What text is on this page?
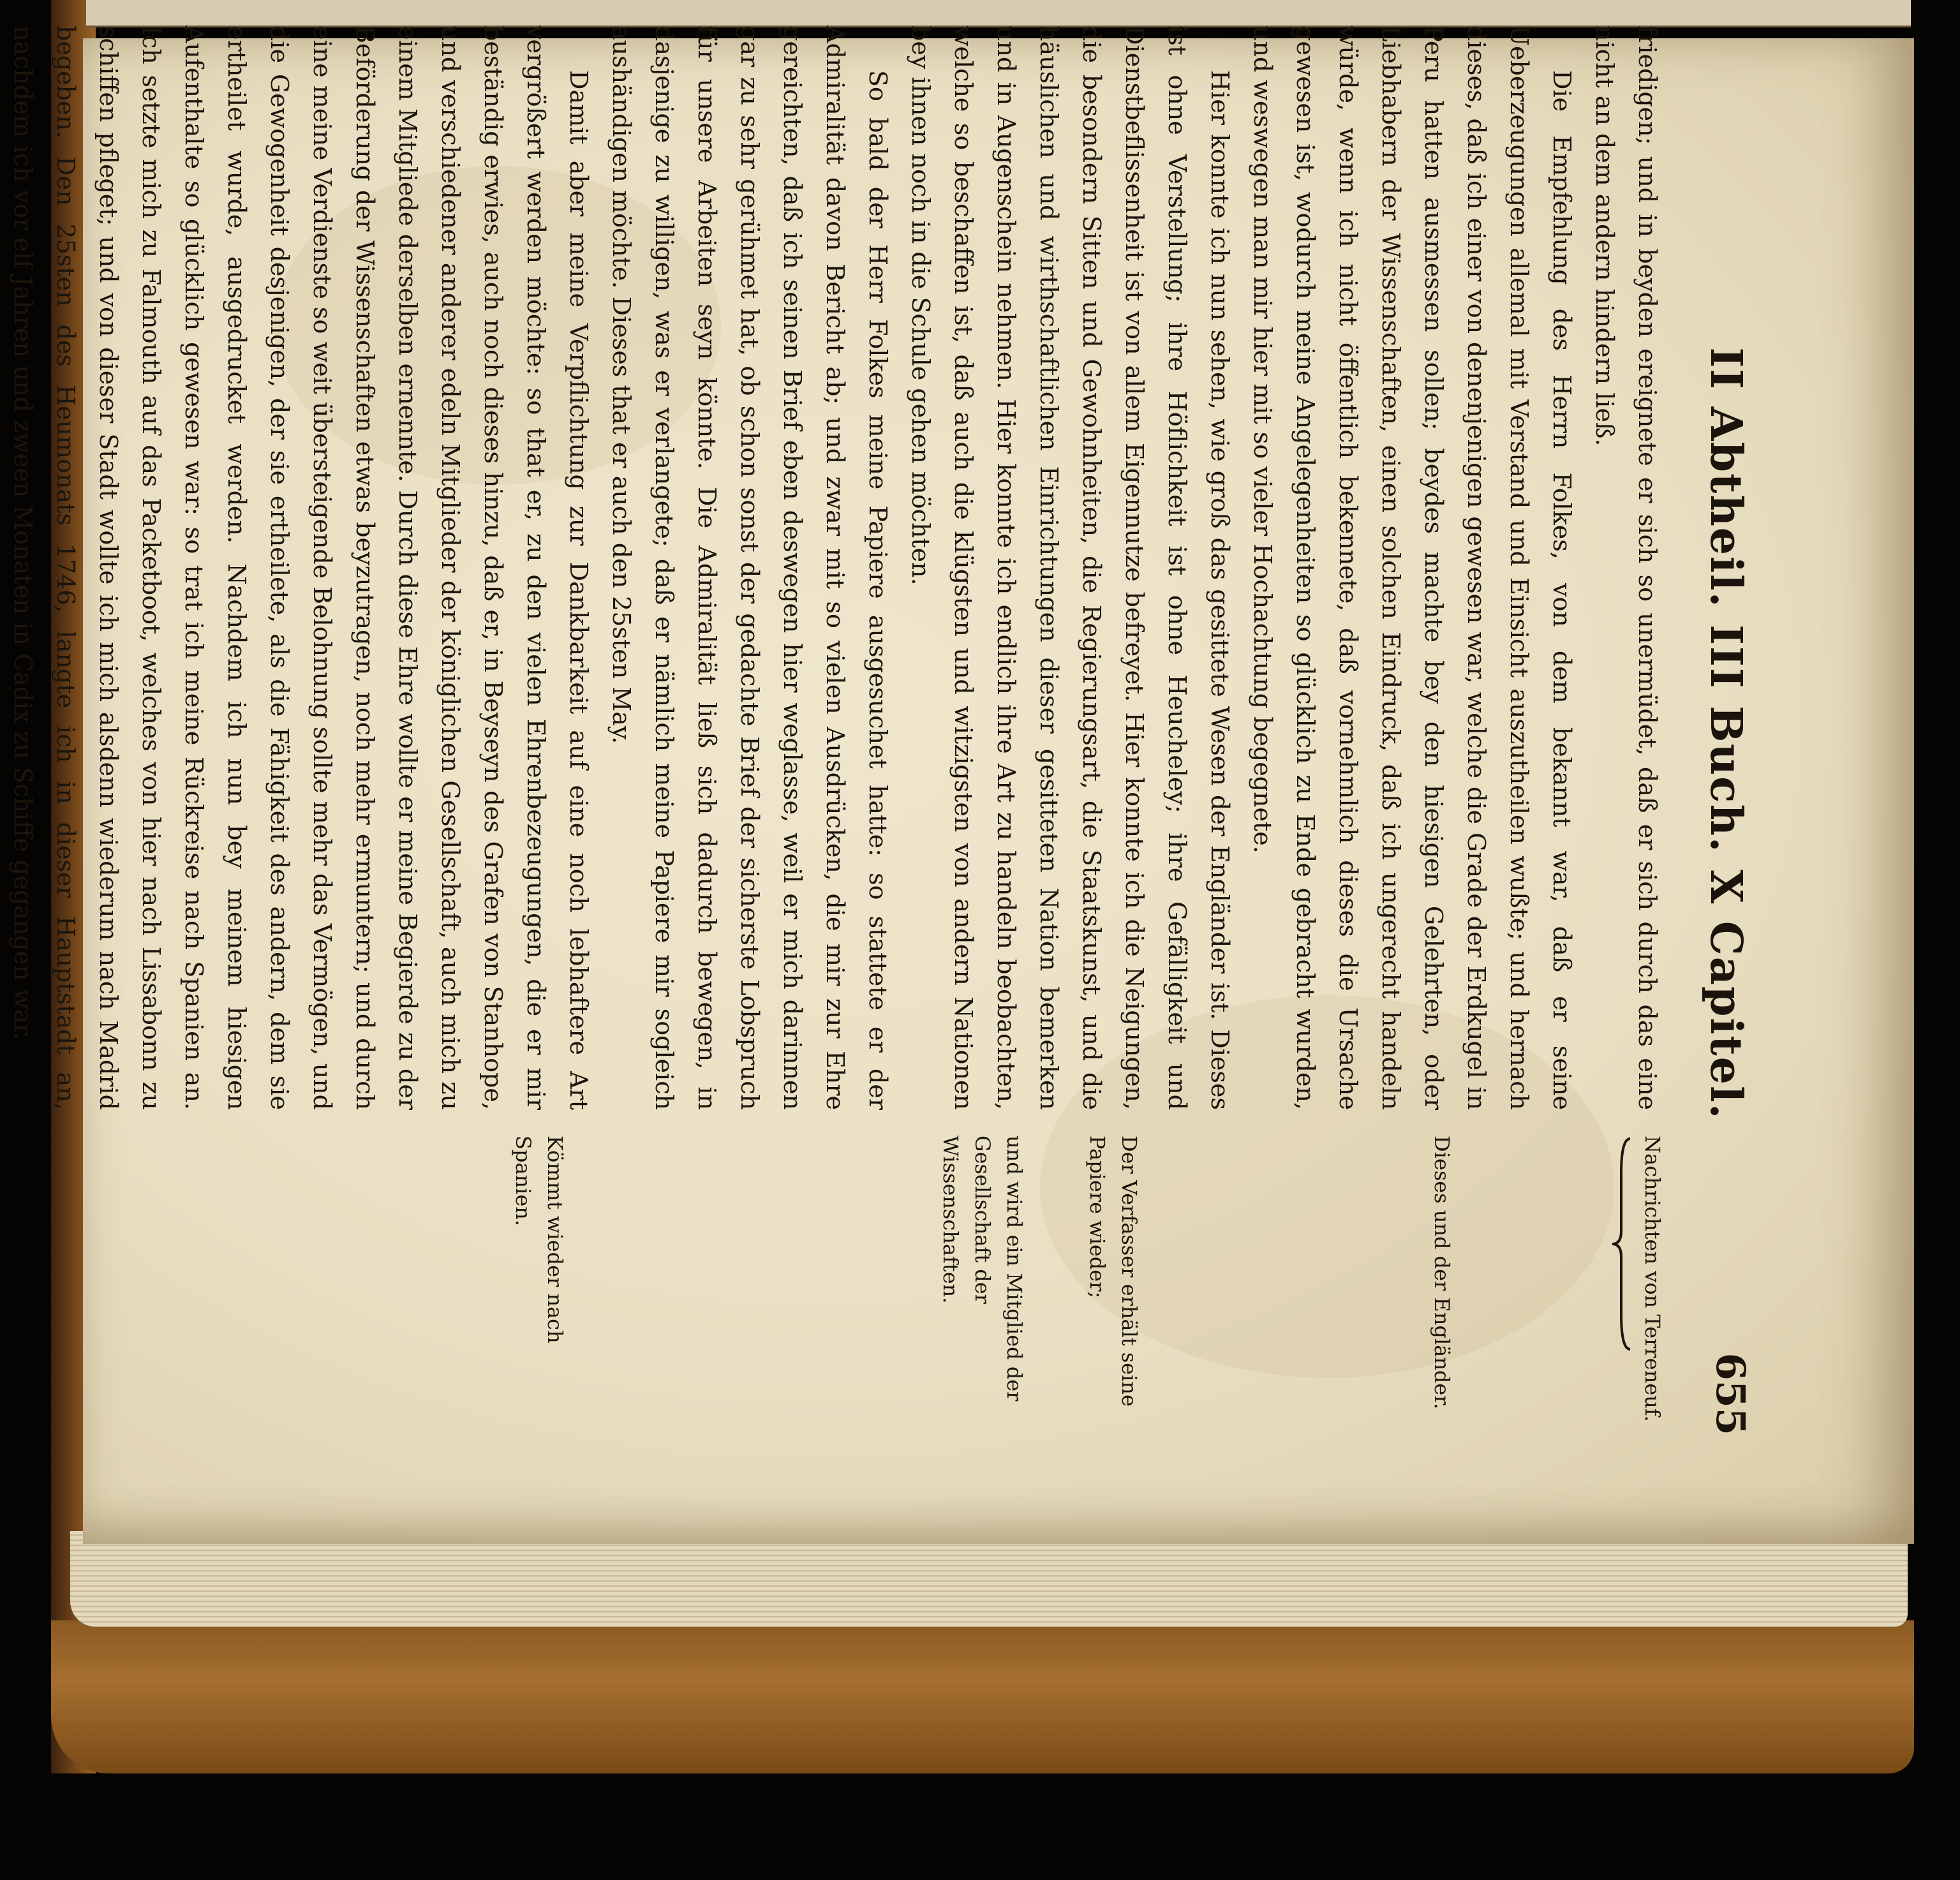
II Abtheil. III Buch. X Capitel.
655

friedigen; und in beyden ereignete er sich so unermüdet, daß er sich durch das eine nicht an dem andern hindern ließ.

Die Empfehlung des Herrn Folkes, von dem bekannt war, daß er seine Ueberzeugungen allemal mit Verstand und Einsicht auszutheilen wußte; und hernach dieses, daß ich einer von denenjenigen gewesen war, welche die Grade der Erdkugel in Peru hatten ausmessen sollen; beydes machte bey den hiesigen Gelehrten, oder Liebhabern der Wissenschaften, einen solchen Eindruck, daß ich ungerecht handeln würde, wenn ich nicht öffentlich bekennete, daß vornehmlich dieses die Ursache gewesen ist, wodurch meine Angelegenheiten so glücklich zu Ende gebracht wurden, und weswegen man mir hier mit so vieler Hochachtung begegnete.

Hier konnte ich nun sehen, wie groß das gesittete Wesen der Engländer ist. Dieses ist ohne Verstellung; ihre Höflichkeit ist ohne Heucheley; ihre Gefälligkeit und Dienstbeflissenheit ist von allem Eigennutze befreyet. Hier konnte ich die Neigungen, die besondern Sitten und Gewohnheiten, die Regierungsart, die Staatskunst, und die häuslichen und wirthschaftlichen Einrichtungen dieser gesitteten Nation bemerken und in Augenschein nehmen. Hier konnte ich endlich ihre Art zu handeln beobachten, welche so beschaffen ist, daß auch die klügsten und witzigsten von andern Nationen bey ihnen noch in die Schule gehen möchten.

So bald der Herr Folkes meine Papiere ausgesuchet hatte: so stattete er der Admiralität davon Bericht ab; und zwar mit so vielen Ausdrücken, die mir zur Ehre gereichten, daß ich seinen Brief eben deswegen hier weglasse, weil er mich darinnen gar zu sehr gerühmet hat, ob schon sonst der gedachte Brief der sicherste Lobspruch für unsere Arbeiten seyn könnte. Die Admiralität ließ sich dadurch bewegen, in dasjenige zu willigen, was er verlangete; daß er nämlich meine Papiere mir sogleich aushändigen möchte. Dieses that er auch den 25sten May.

Damit aber meine Verpflichtung zur Dankbarkeit auf eine noch lebhaftere Art vergrößert werden möchte: so that er, zu den vielen Ehrenbezeugungen, die er mir beständig erwies, auch noch dieses hinzu, daß er, in Beyseyn des Grafen von Stanhope, und verschiedener anderer edeln Mitglieder der königlichen Gesellschaft, auch mich zu einem Mitgliede derselben ernennte. Durch diese Ehre wollte er meine Begierde zu der Beförderung der Wissenschaften etwas beyzutragen, noch mehr ermuntern; und durch eine meine Verdienste so weit übersteigende Belohnung sollte mehr das Vermögen, und die Gewogenheit desjenigen, der sie ertheilete, als die Fähigkeit des andern, dem sie ertheilet wurde, ausgedrucket werden. Nachdem ich nun bey meinem hiesigen Aufenthalte so glücklich gewesen war: so trat ich meine Rückreise nach Spanien an. Ich setzte mich zu Falmouth auf das Packetboot, welches von hier nach Lissabonn zu schiffen pfleget; und von dieser Stadt wollte ich mich alsdenn wiederum nach Madrid begeben. Den 25sten des Heumonats 1746, langte ich in dieser Hauptstadt an, nachdem ich vor elf Jahren und zween Monaten in Cadix zu Schiffe gegangen war.

Nachrichten von Terreneuf.
Dieses und der Engländer.
Der Verfasser erhält seine Papiere wieder;
und wird ein Mitglied der Gesellschaft der Wissenschaften.
Kömmt wieder nach Spanien.
